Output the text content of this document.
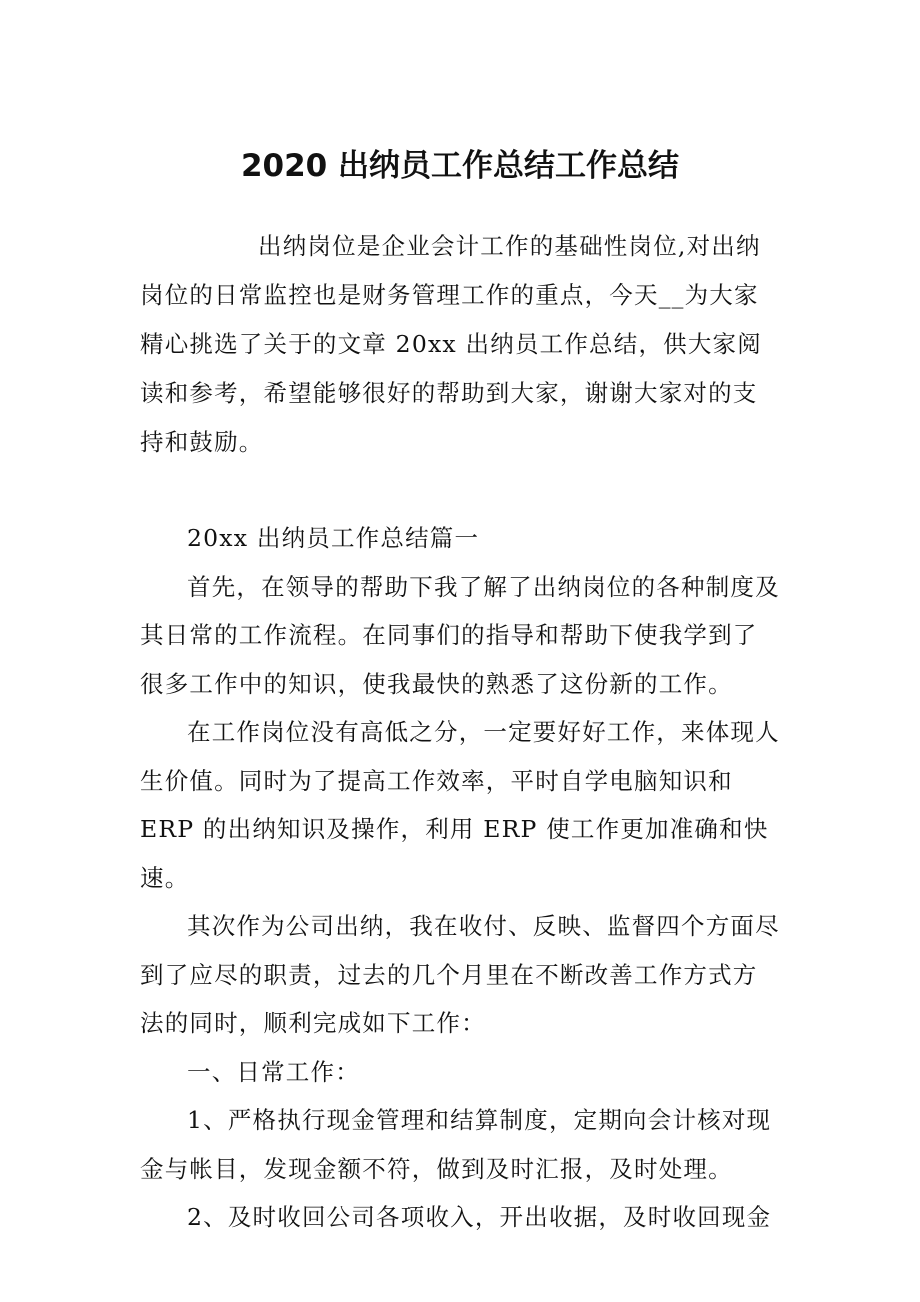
2020 出纳员工作总结工作总结

出纳岗位是企业会计工作的基础性岗位,对出纳岗位的日常监控也是财务管理工作的重点，今天__为大家精心挑选了关于的文章 20xx 出纳员工作总结，供大家阅读和参考，希望能够很好的帮助到大家，谢谢大家对的支持和鼓励。

20xx 出纳员工作总结篇一

首先，在领导的帮助下我了解了出纳岗位的各种制度及其日常的工作流程。在同事们的指导和帮助下使我学到了很多工作中的知识，使我最快的熟悉了这份新的工作。

在工作岗位没有高低之分，一定要好好工作，来体现人生价值。同时为了提高工作效率，平时自学电脑知识和 ERP 的出纳知识及操作，利用 ERP 使工作更加准确和快速。

其次作为公司出纳，我在收付、反映、监督四个方面尽到了应尽的职责，过去的几个月里在不断改善工作方式方法的同时，顺利完成如下工作：

一、日常工作：

1、严格执行现金管理和结算制度，定期向会计核对现金与帐目，发现金额不符，做到及时汇报，及时处理。

2、及时收回公司各项收入，开出收据，及时收回现金
